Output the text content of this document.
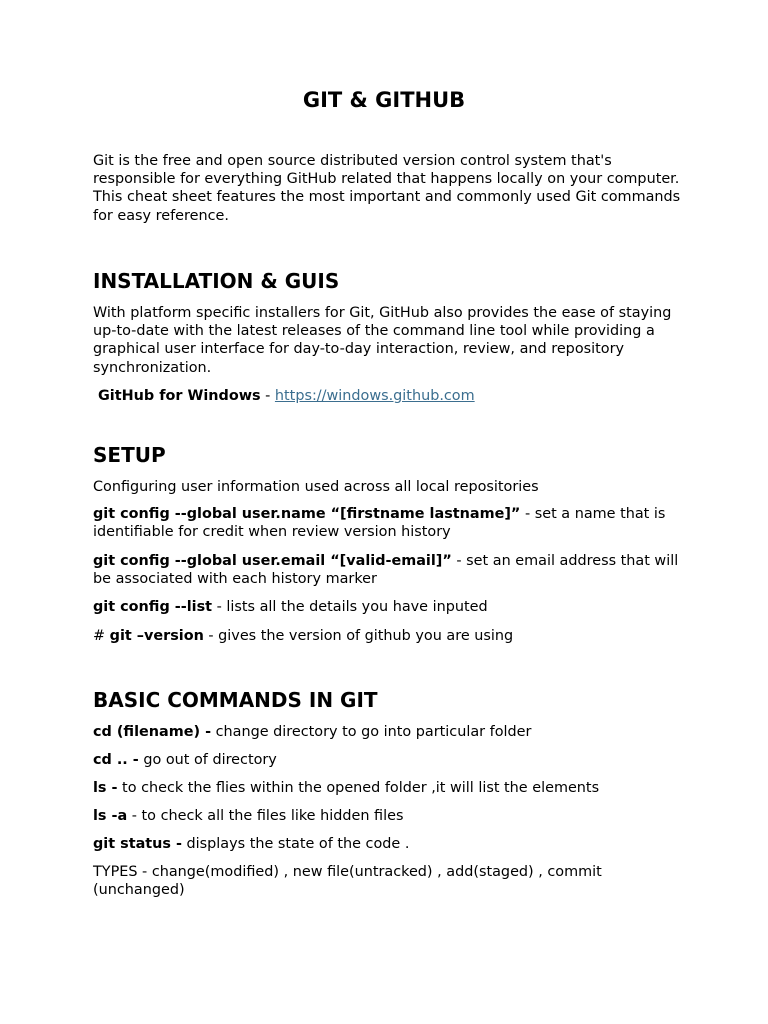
GIT & GITHUB

Git is the free and open source distributed version control system that's responsible for everything GitHub related that happens locally on your computer. This cheat sheet features the most important and commonly used Git commands for easy reference.

INSTALLATION & GUIS

With platform specific installers for Git, GitHub also provides the ease of staying up-to-date with the latest releases of the command line tool while providing a graphical user interface for day-to-day interaction, review, and repository synchronization.

GitHub for Windows - https://windows.github.com

SETUP

Configuring user information used across all local repositories

git config --global user.name “[firstname lastname]” - set a name that is identifiable for credit when review version history

git config --global user.email “[valid-email]” - set an email address that will be associated with each history marker

git config --list - lists all the details you have inputed

# git –version - gives the version of github you are using

BASIC COMMANDS IN GIT

cd (filename) - change directory to go into particular folder

cd .. - go out of directory

ls - to check the flies within the opened folder ,it will list the elements

ls -a - to check all the files like hidden files

git status - displays the state of the code .

TYPES - change(modified) , new file(untracked) , add(staged) , commit (unchanged)
